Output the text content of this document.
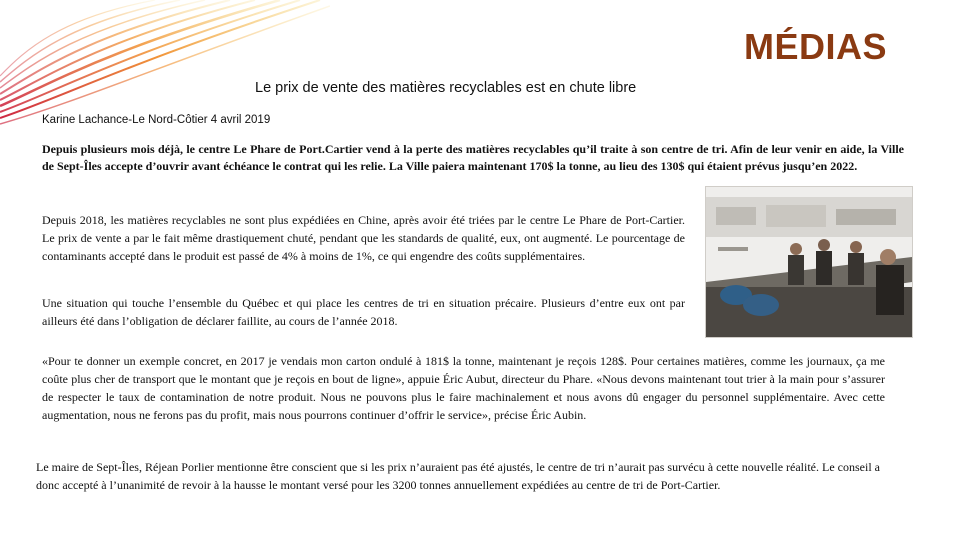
MÉDIAS
Le prix de vente des matières recyclables est en chute libre
Karine Lachance-Le Nord-Côtier 4 avril 2019

Depuis plusieurs mois déjà, le centre Le Phare de Port.Cartier vend à la perte des matières recyclables qu’il traite à son centre de tri. Afin de leur venir en aide, la Ville de Sept-Îles accepte d’ouvrir avant échéance le contrat qui les relie. La Ville paiera maintenant 170$ la tonne, au lieu des 130$ qui étaient prévus jusqu’en 2022.

Depuis 2018, les matières recyclables ne sont plus expédiées en Chine, après avoir été triées par le centre Le Phare de Port-Cartier. Le prix de vente a par le fait même drastiquement chuté, pendant que les standards de qualité, eux, ont augmenté. Le pourcentage de contaminants accepté dans le produit est passé de 4% à moins de 1%, ce qui engendre des coûts supplémentaires.

Une situation qui touche l’ensemble du Québec et qui place les centres de tri en situation précaire. Plusieurs d’entre eux ont par ailleurs été dans l’obligation de déclarer faillite, au cours de l’année 2018.

«Pour te donner un exemple concret, en 2017 je vendais mon carton ondulé à 181$ la tonne, maintenant je reçois 128$. Pour certaines matières, comme les journaux, ça me coûte plus cher de transport que le montant que je reçois en bout de ligne», appuie Éric Aubut, directeur du Phare. «Nous devons maintenant tout trier à la main pour s’assurer de respecter le taux de contamination de notre produit. Nous ne pouvons plus le faire machinalement et nous avons dû engager du personnel supplémentaire. Avec cette augmentation, nous ne ferons pas du profit, mais nous pourrons continuer d’offrir le service», précise Éric Aubin.

Le maire de Sept-Îles, Réjean Porlier mentionne être conscient que si les prix n’auraient pas été ajustés, le centre de tri n’aurait pas survécu à cette nouvelle réalité. Le conseil a donc accepté à l’unanimité de revoir à la hausse le montant versé pour les 3200 tonnes annuellement expédiées au centre de tri de Port-Cartier.
